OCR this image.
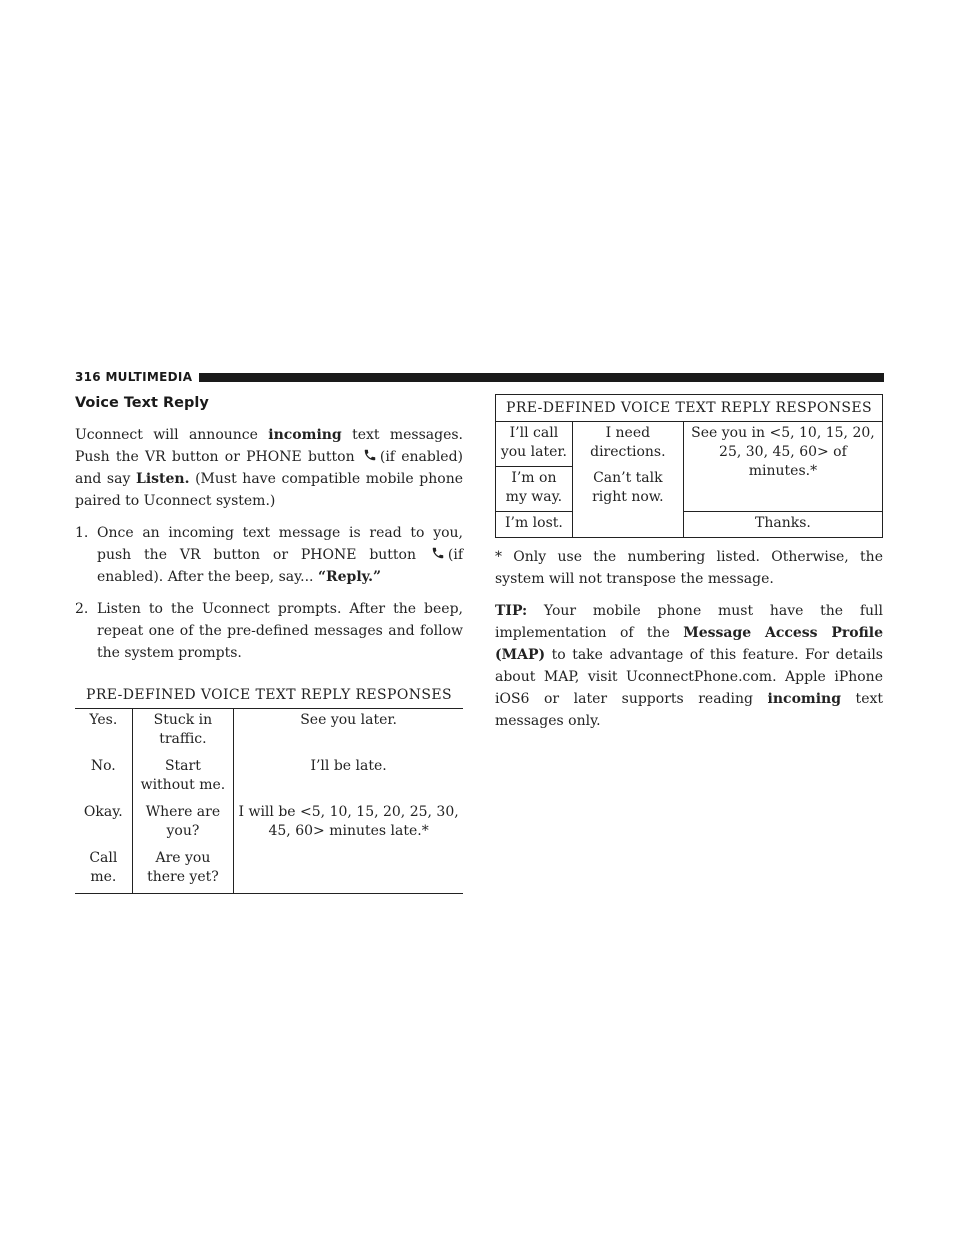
316 MULTIMEDIA
Voice Text Reply

Uconnect will announce incoming text messages. Push the VR button or PHONE button (if enabled) and say Listen. (Must have compatible mobile phone paired to Uconnect system.)

1. Once an incoming text message is read to you, push the VR button or PHONE button (if enabled). After the beep, say... “Reply.”
2. Listen to the Uconnect prompts. After the beep, repeat one of the pre-defined messages and follow the system prompts.
PRE-DEFINED VOICE TEXT REPLY RESPONSES		
Yes.	Stuck in traffic.	See you later.
No.	Start without me.	I’ll be late.
Okay.	Where are you?	I will be <5, 10, 15, 20, 25, 30, 45, 60> minutes late.*
Call me.	Are you there yet?	
PRE-DEFINED VOICE TEXT REPLY RESPONSES		
I’ll call you later.	I need directions.	See you in <5, 10, 15, 20, 25, 30, 45, 60> of minutes.*
I’m on my way.	Can’t talk right now.	
I’m lost.		Thanks.

* Only use the numbering listed. Otherwise, the system will not transpose the message.

TIP: Your mobile phone must have the full implementation of the Message Access Profile (MAP) to take advantage of this feature. For details about MAP, visit UconnectPhone.com. Apple iPhone iOS6 or later supports reading incoming text messages only.
